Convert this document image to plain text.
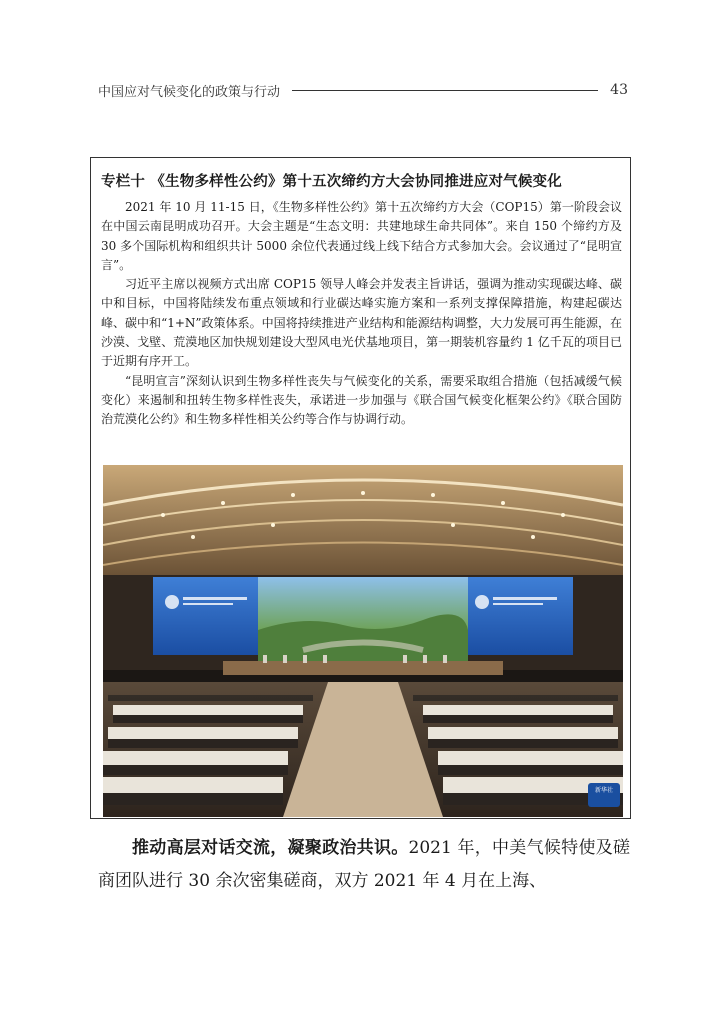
中国应对气候变化的政策与行动	43
专栏十 《生物多样性公约》第十五次缔约方大会协同推进应对气候变化

2021 年 10 月 11-15 日，《生物多样性公约》第十五次缔约方大会（COP15）第一阶段会议在中国云南昆明成功召开。大会主题是“生态文明：共建地球生命共同体”。来自 150 个缔约方及 30 多个国际机构和组织共计 5000 余位代表通过线上线下结合方式参加大会。会议通过了“昆明宣言”。

习近平主席以视频方式出席 COP15 领导人峰会并发表主旨讲话，强调为推动实现碳达峰、碳中和目标，中国将陆续发布重点领域和行业碳达峰实施方案和一系列支撑保障措施，构建起碳达峰、碳中和“1+N”政策体系。中国将持续推进产业结构和能源结构调整，大力发展可再生能源，在沙漠、戈壁、荒漠地区加快规划建设大型风电光伏基地项目，第一期装机容量约 1 亿千瓦的项目已于近期有序开工。

“昆明宣言”深刻认识到生物多样性丧失与气候变化的关系，需要采取组合措施（包括减缓气候变化）来遏制和扭转生物多样性丧失，承诺进一步加强与《联合国气候变化框架公约》《联合国防治荒漠化公约》和生物多样性相关公约等合作与协调行动。

新华社

推动高层对话交流，凝聚政治共识。2021 年，中美气候特使及磋商团队进行 30 余次密集磋商，双方 2021 年 4 月在上海、
